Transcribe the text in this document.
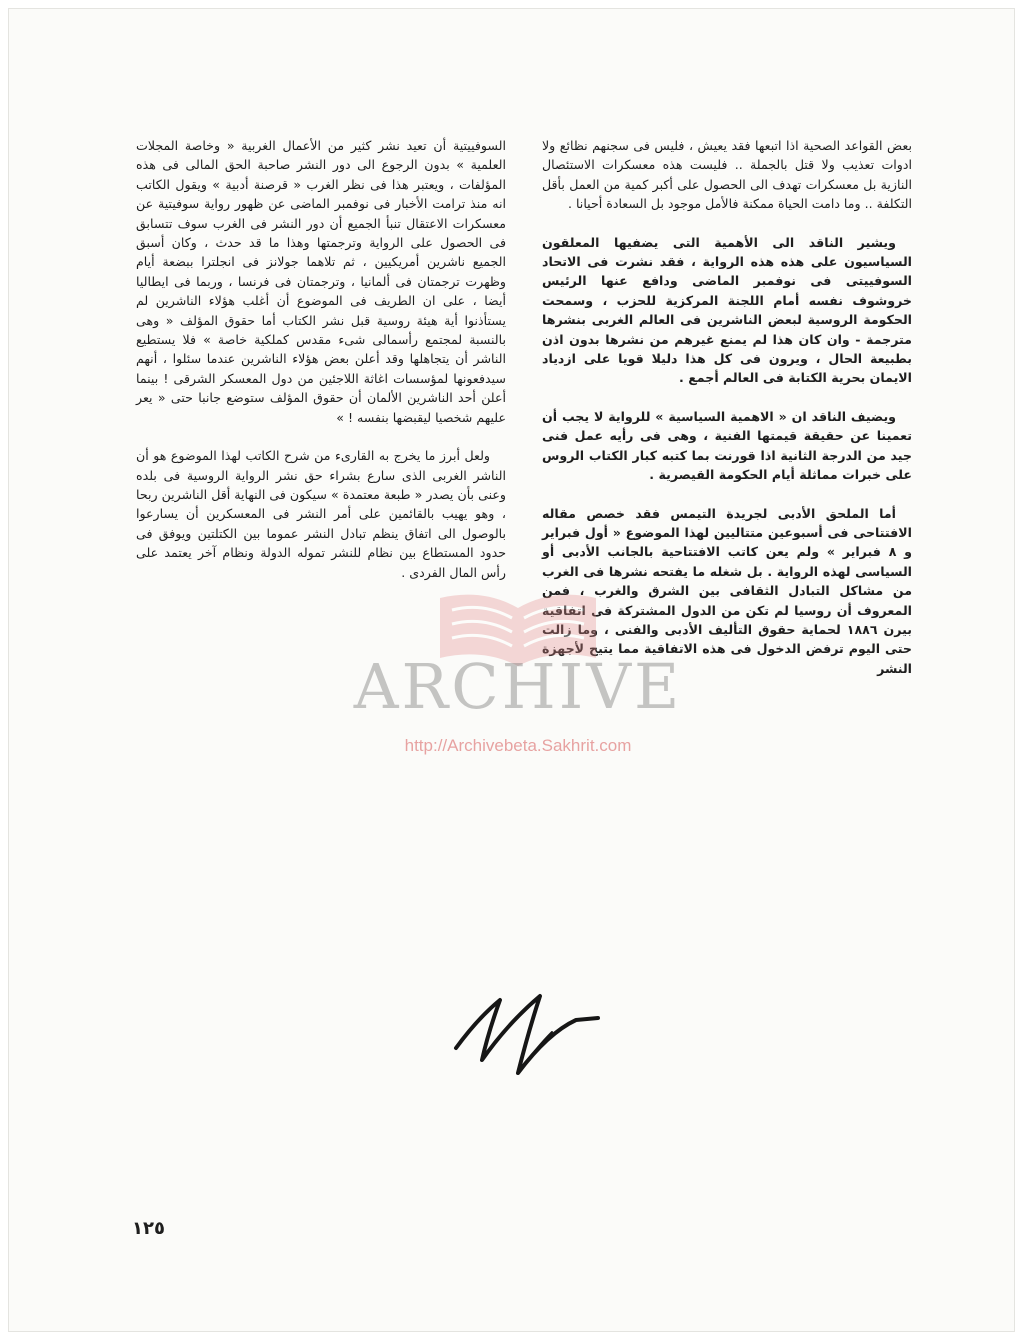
بعض القواعد الصحية اذا اتبعها فقد يعيش ، فليس فى سجنهم نظائع ولا ادوات تعذيب ولا قتل بالجملة .. فليست هذه معسكرات الاستئصال النازية بل معسكرات تهدف الى الحصول على أكبر كمية من العمل بأقل التكلفة .. وما دامت الحياة ممكنة فالأمل موجود بل السعادة أحيانا .

ويشير الناقد الى الأهمية التى يضفيها المعلقون السياسيون على هذه هذه الرواية ، فقد نشرت فى الاتحاد السوفييتى فى نوفمبر الماضى ودافع عنها الرئيس خروشوف نفسه أمام اللجنة المركزية للحزب ، وسمحت الحكومة الروسية لبعض الناشرين فى العالم الغربى بنشرها مترجمة - وان كان هذا لم يمنع غيرهم من نشرها بدون اذن بطبيعة الحال ، ويرون فى كل هذا دليلا قويا على ازدياد الايمان بحرية الكتابة فى العالم أجمع .

ويضيف الناقد ان « الاهمية السياسية » للرواية لا يجب أن تعمينا عن حقيقة قيمتها الفنية ، وهى فى رأيه عمل فنى جيد من الدرجة الثانية اذا قورنت بما كتبه كبار الكتاب الروس على خبرات مماثلة أيام الحكومة القيصرية .

أما الملحق الأدبى لجريدة التيمس فقد خصص مقاله الافتتاحى فى أسبوعين متتاليين لهذا الموضوع « أول فبراير و ٨ فبراير » ولم يعن كاتب الافتتاحية بالجانب الأدبى أو السياسى لهذه الرواية . بل شغله ما يفتحه نشرها فى الغرب من مشاكل التبادل الثقافى بين الشرق والغرب ، فمن المعروف أن روسيا لم تكن من الدول المشتركة فى اتفاقية بيرن ١٨٨٦ لحماية حقوق التأليف الأدبى والفنى ، وما زالت حتى اليوم ترفض الدخول فى هذه الاتفاقية مما يتيح لأجهزة النشر

السوفييتية أن تعيد نشر كثير من الأعمال الغربية « وخاصة المجلات العلمية » بدون الرجوع الى دور النشر صاحبة الحق المالى فى هذه المؤلفات ، ويعتبر هذا فى نظر الغرب « قرصنة أدبية » ويقول الكاتب انه منذ ترامت الأخبار فى نوفمبر الماضى عن ظهور رواية سوفيتية عن معسكرات الاعتقال تنبأ الجميع أن دور النشر فى الغرب سوف تتسابق فى الحصول على الرواية وترجمتها وهذا ما قد حدث ، وكان أسبق الجميع ناشرين أمريكيين ، ثم تلاهما جولانز فى انجلترا ببضعة أيام وظهرت ترجمتان فى ألمانيا ، وترجمتان فى فرنسا ، وربما فى ايطاليا أيضا ، على ان الطريف فى الموضوع أن أغلب هؤلاء الناشرين لم يستأذنوا أية هيئة روسية قبل نشر الكتاب أما حقوق المؤلف « وهى بالنسبة لمجتمع رأسمالى شىء مقدس كملكية خاصة » فلا يستطيع الناشر أن يتجاهلها وقد أعلن بعض هؤلاء الناشرين عندما سئلوا ، أنهم سيدفعونها لمؤسسات اغاثة اللاجئين من دول المعسكر الشرقى ! بينما أعلن أحد الناشرين الألمان أن حقوق المؤلف ستوضع جانبا حتى « يعر عليهم شخصيا ليقبضها بنفسه ! »

ولعل أبرز ما يخرج به القارىء من شرح الكاتب لهذا الموضوع هو أن الناشر الغربى الذى سارع بشراء حق نشر الرواية الروسية فى بلده وعنى بأن يصدر « طبعة معتمدة » سيكون فى النهاية أقل الناشرين ربحا ، وهو يهيب بالقائمين على أمر النشر فى المعسكرين أن يسارعوا بالوصول الى اتفاق ينظم تبادل النشر عموما بين الكتلتين ويوفق فى حدود المستطاع بين نظام للنشر تموله الدولة ونظام آخر يعتمد على رأس المال الفردى .

ARCHIVE
http://Archivebeta.Sakhrit.com
١٢٥
